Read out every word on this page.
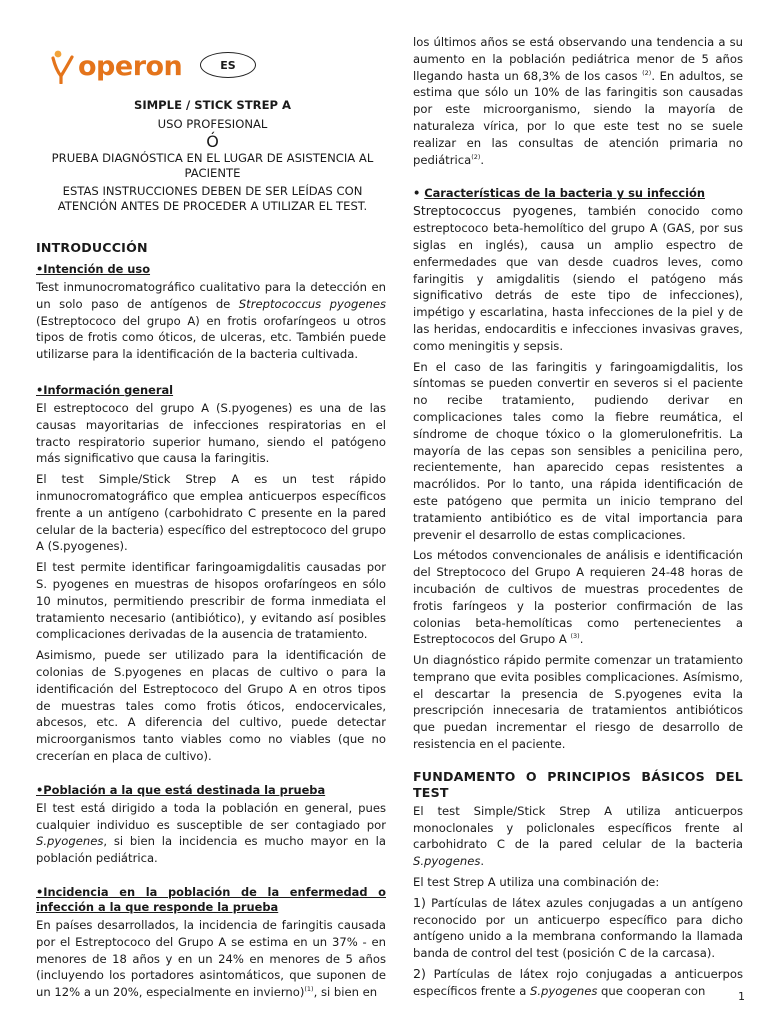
operon	ES
SIMPLE / STICK STREP A
USO PROFESIONAL
Ó
PRUEBA DIAGNÓSTICA EN EL LUGAR DE ASISTENCIA AL PACIENTE
ESTAS INSTRUCCIONES DEBEN DE SER LEÍDAS CON ATENCIÓN ANTES DE PROCEDER A UTILIZAR EL TEST.
INTRODUCCIÓN
•Intención de uso

Test inmunocromatográfico cualitativo para la detección en un solo paso de antígenos de Streptococcus pyogenes (Estreptococo del grupo A) en frotis orofaríngeos u otros tipos de frotis como óticos, de ulceras, etc. También puede utilizarse para la identificación de la bacteria cultivada.

•Información general

El estreptococo del grupo A (S.pyogenes) es una de las causas mayoritarias de infecciones respiratorias en el tracto respiratorio superior humano, siendo el patógeno más significativo que causa la faringitis.

El test Simple/Stick Strep A es un test rápido inmunocromatográfico que emplea anticuerpos específicos frente a un antígeno (carbohidrato C presente en la pared celular de la bacteria) específico del estreptococo del grupo A (S.pyogenes).

El test permite identificar faringoamigdalitis causadas por S. pyogenes en muestras de hisopos orofaríngeos en sólo 10 minutos, permitiendo prescribir de forma inmediata el tratamiento necesario (antibiótico), y evitando así posibles complicaciones derivadas de la ausencia de tratamiento.

Asimismo, puede ser utilizado para la identificación de colonias de S.pyogenes en placas de cultivo o para la identificación del Estreptococo del Grupo A en otros tipos de muestras tales como frotis óticos, endocervicales, abcesos, etc. A diferencia del cultivo, puede detectar microorganismos tanto viables como no viables (que no crecerían en placa de cultivo).

•Población a la que está destinada la prueba

El test está dirigido a toda la población en general, pues cualquier individuo es susceptible de ser contagiado por S.pyogenes, si bien la incidencia es mucho mayor en la población pediátrica.

•Incidencia en la población de la enfermedad o infección a la que responde la prueba

En países desarrollados, la incidencia de faringitis causada por el Estreptococo del Grupo A se estima en un 37% - en menores de 18 años y en un 24% en menores de 5 años (incluyendo los portadores asintomáticos, que suponen de un 12% a un 20%, especialmente en invierno)$^{(1)}$, si bien en

los últimos años se está observando una tendencia a su aumento en la población pediátrica menor de 5 años llegando hasta un 68,3% de los casos $^{(2)}$. En adultos, se estima que sólo un 10% de las faringitis son causadas por este microorganismo, siendo la mayoría de naturaleza vírica, por lo que este test no se suele realizar en las consultas de atención primaria no pediátrica$^{(2)}$.

• Características de la bacteria y su infección

Streptococcus pyogenes, también conocido como estreptococo beta-hemolítico del grupo A (GAS, por sus siglas en inglés), causa un amplio espectro de enfermedades que van desde cuadros leves, como faringitis y amigdalitis (siendo el patógeno más significativo detrás de este tipo de infecciones), impétigo y escarlatina, hasta infecciones de la piel y de las heridas, endocarditis e infecciones invasivas graves, como meningitis y sepsis.

En el caso de las faringitis y faringoamigdalitis, los síntomas se pueden convertir en severos si el paciente no recibe tratamiento, pudiendo derivar en complicaciones tales como la fiebre reumática, el síndrome de choque tóxico o la glomerulonefritis. La mayoría de las cepas son sensibles a penicilina pero, recientemente, han aparecido cepas resistentes a macrólidos. Por lo tanto, una rápida identificación de este patógeno que permita un inicio temprano del tratamiento antibiótico es de vital importancia para prevenir el desarrollo de estas complicaciones.

Los métodos convencionales de análisis e identificación del Streptococo del Grupo A requieren 24-48 horas de incubación de cultivos de muestras procedentes de frotis faríngeos y la posterior confirmación de las colonias beta-hemolíticas como pertenecientes a Estreptococos del Grupo A $^{(3)}$.

Un diagnóstico rápido permite comenzar un tratamiento temprano que evita posibles complicaciones. Asímismo, el descartar la presencia de S.pyogenes evita la prescripción innecesaria de tratamientos antibióticos que puedan incrementar el riesgo de desarrollo de resistencia en el paciente.

FUNDAMENTO O PRINCIPIOS BÁSICOS DEL TEST

El test Simple/Stick Strep A utiliza anticuerpos monoclonales y policlonales específicos frente al carbohidrato C de la pared celular de la bacteria S.pyogenes.

El test Strep A utiliza una combinación de:

1) Partículas de látex azules conjugadas a un antígeno reconocido por un anticuerpo específico para dicho antígeno unido a la membrana conformando la llamada banda de control del test (posición C de la carcasa).

2) Partículas de látex rojo conjugadas a anticuerpos específicos frente a S.pyogenes que cooperan con	1
